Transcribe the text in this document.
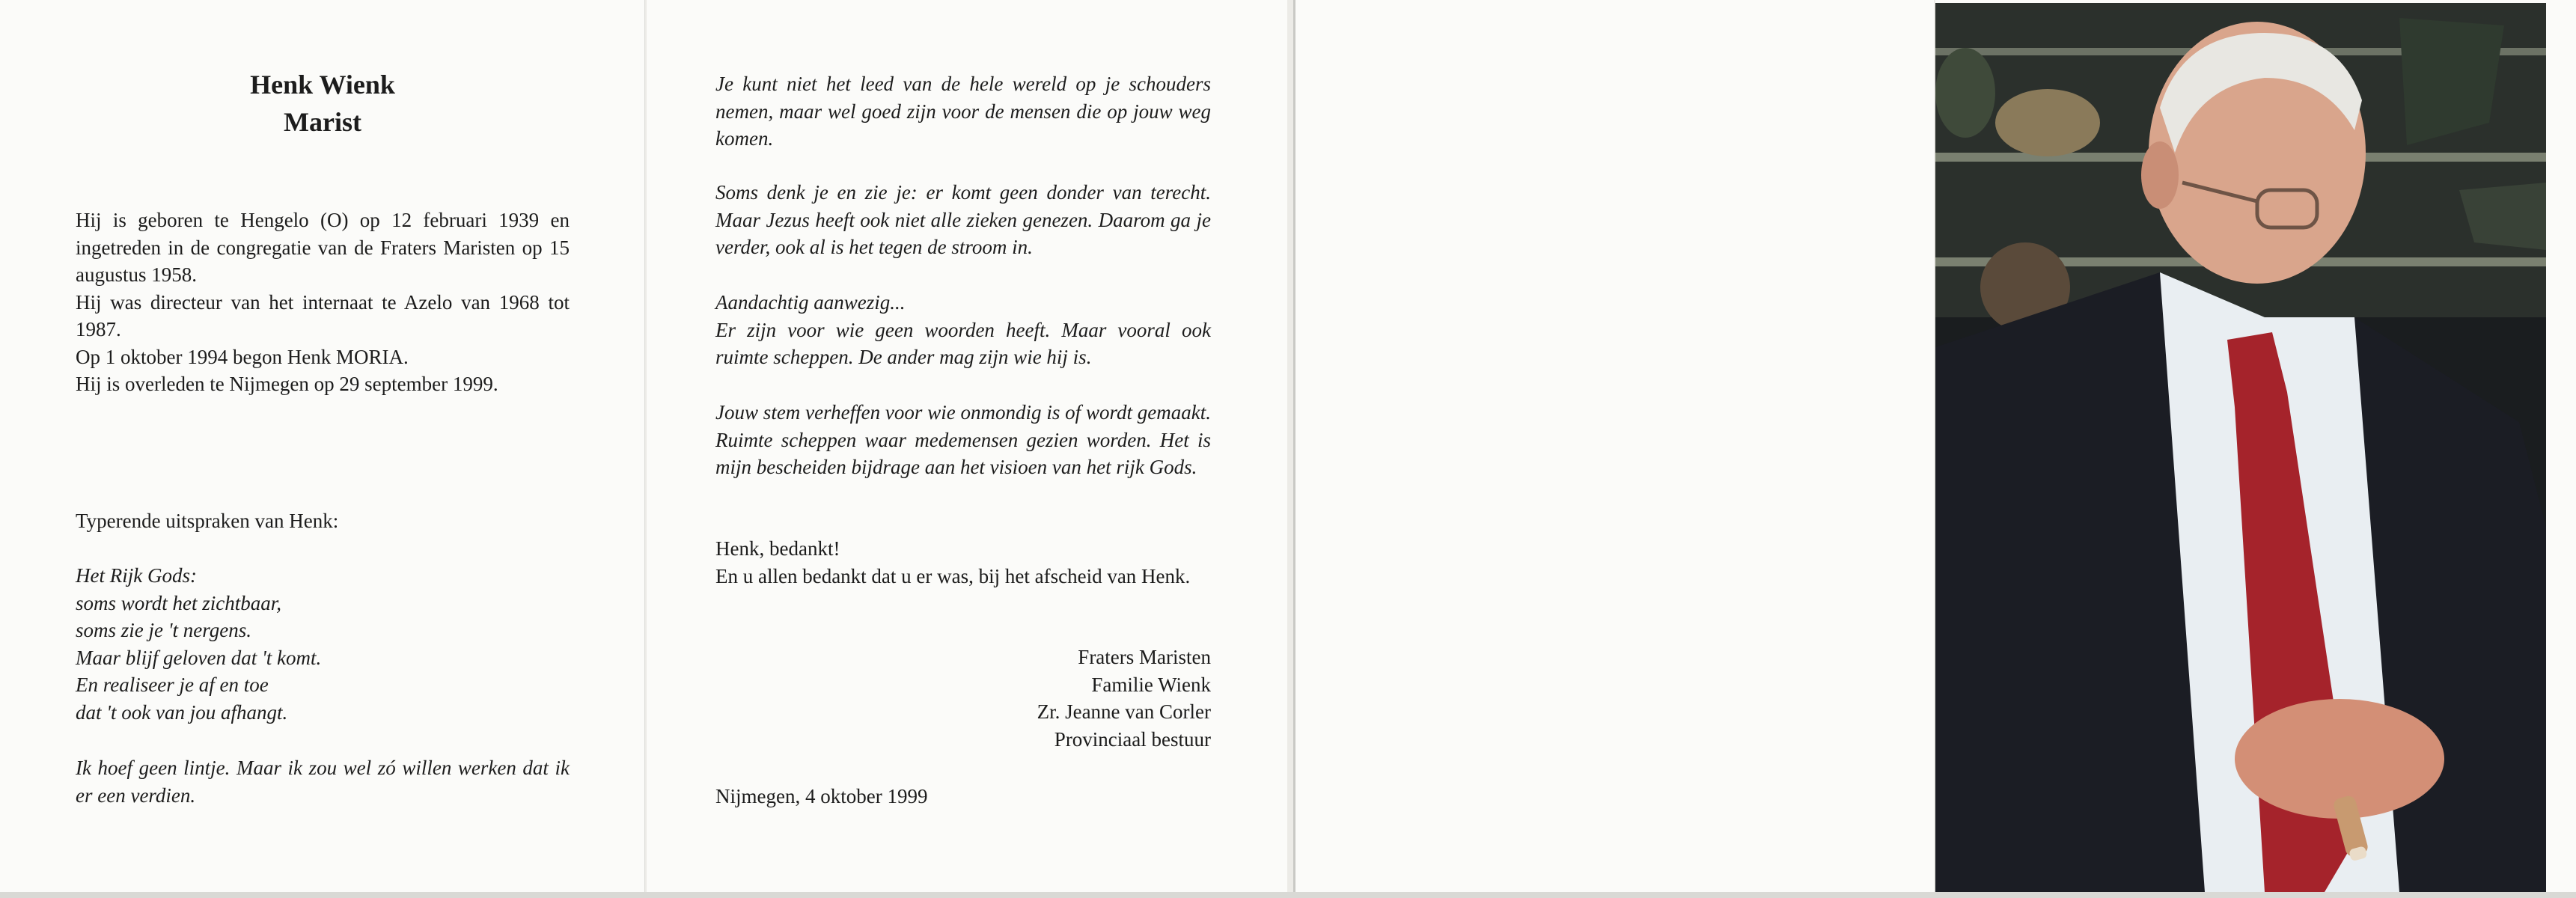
Henk Wienk
Marist

Hij is geboren te Hengelo (O) op 12 februari 1939 en ingetreden in de congregatie van de Fraters Maristen op 15 augustus 1958.

Hij was directeur van het internaat te Azelo van 1968 tot 1987.

Op 1 oktober 1994 begon Henk MORIA.

Hij is overleden te Nijmegen op 29 september 1999.

Typerende uitspraken van Henk:

Het Rijk Gods:

soms wordt het zichtbaar,

soms zie je 't nergens.

Maar blijf geloven dat 't komt.

En realiseer je af en toe

dat 't ook van jou afhangt.

Ik hoef geen lintje. Maar ik zou wel zó willen werken dat ik er een verdien.
Je kunt niet het leed van de hele wereld op je schouders nemen, maar wel goed zijn voor de mensen die op jouw weg komen.
Soms denk je en zie je: er komt geen donder van terecht. Maar Jezus heeft ook niet alle zieken genezen. Daarom ga je verder, ook al is het tegen de stroom in.

Aandachtig aanwezig...

Er zijn voor wie geen woorden heeft. Maar vooral ook ruimte scheppen. De ander mag zijn wie hij is.

Jouw stem verheffen voor wie onmondig is of wordt gemaakt. Ruimte scheppen waar medemensen gezien worden. Het is mijn bescheiden bijdrage aan het visioen van het rijk Gods.

Henk, bedankt!

En u allen bedankt dat u er was, bij het afscheid van Henk.

Fraters Maristen

Familie Wienk

Zr. Jeanne van Corler

Provinciaal bestuur

Nijmegen, 4 oktober 1999
